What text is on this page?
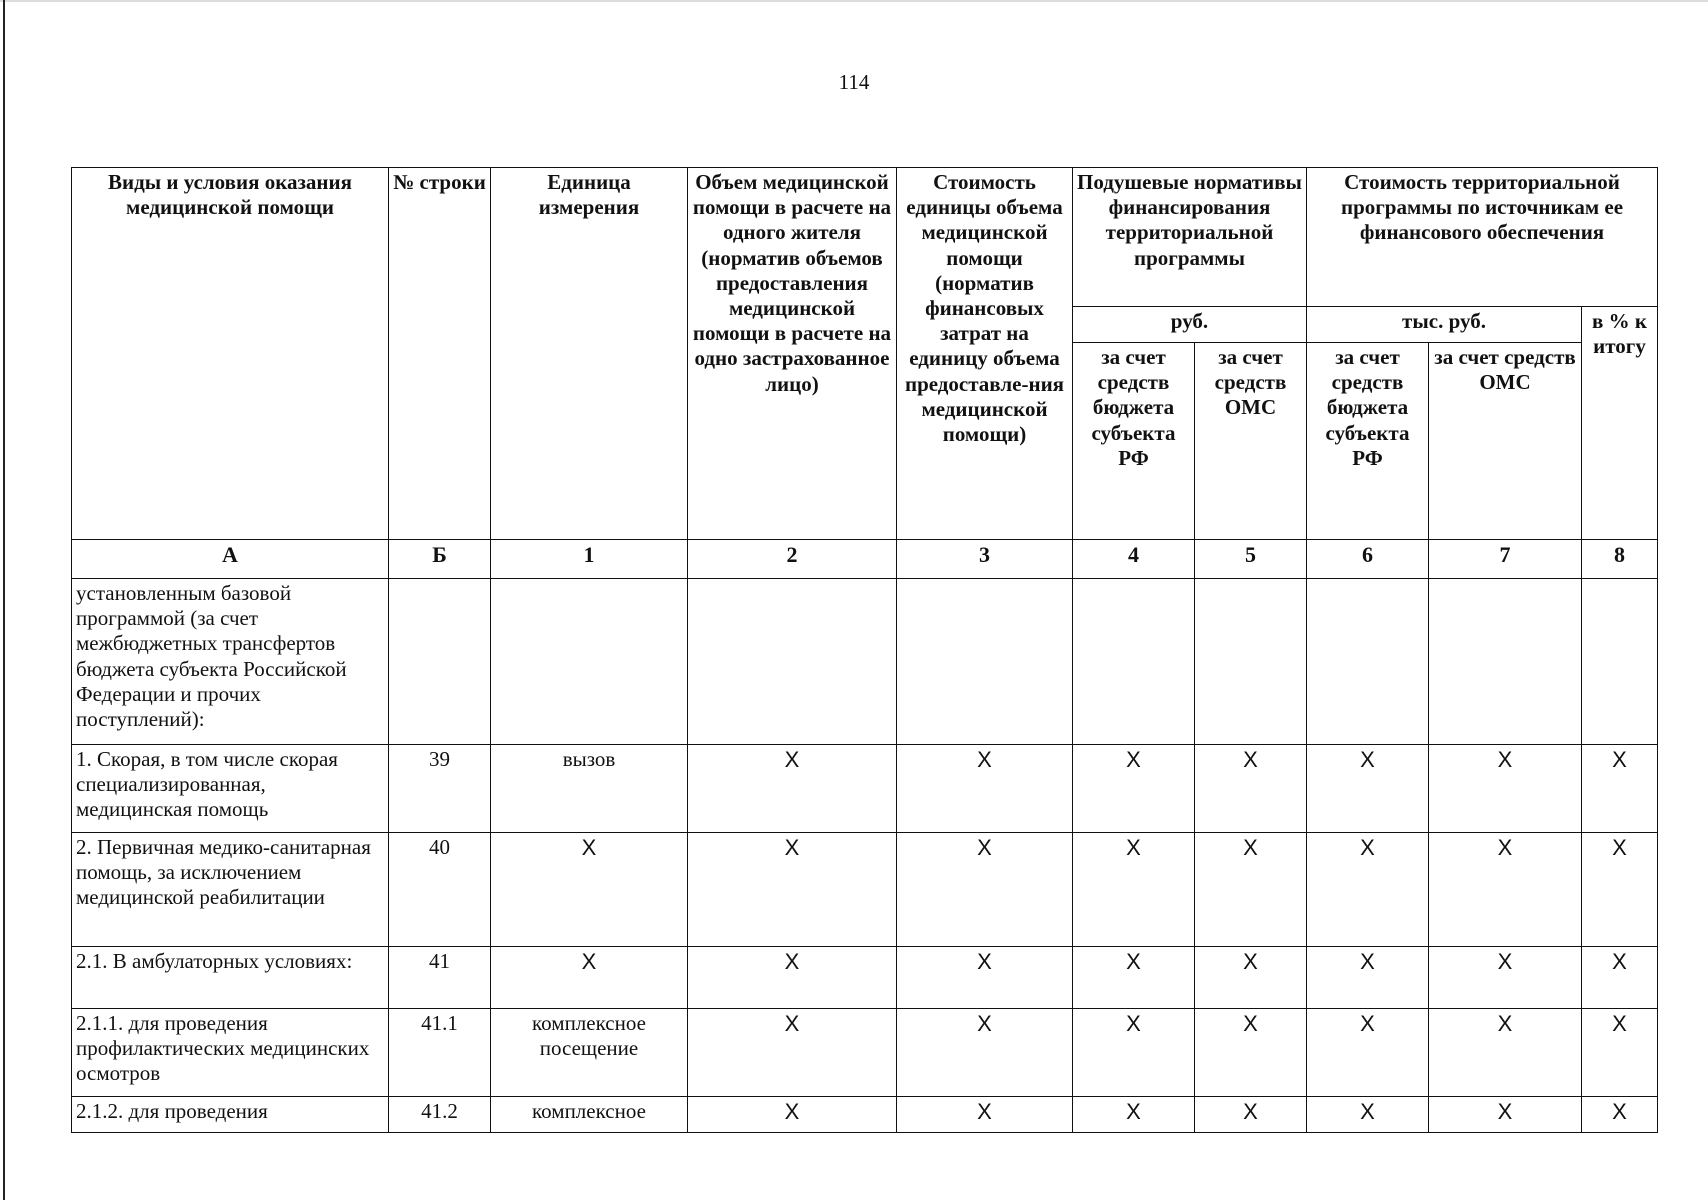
114
Виды и условия оказания медицинской помощи	№ строки	Единица измерения	Объем медицинской помощи в расчете на одного жителя (норматив объемов предоставления медицинской помощи в расчете на одно застрахованное лицо)	Стоимость единицы объема медицинской помощи (норматив финансовых затрат на единицу объема предоставле-ния медицинской помощи)	Подушевые нормативы финансирования территориальной программы		Стоимость территориальной программы по источникам ее финансового обеспечения		
					руб.		тыс. руб.		в % к итогу
					за счет средств бюджета субъекта РФ	за счет средств ОМС	за счет средств бюджета субъекта РФ	за счет средств ОМС	
А	Б	1	2	3	4	5	6	7	8
установленным базовой программой (за счет межбюджетных трансфертов бюджета субъекта Российской Федерации и прочих поступлений):									
1. Скорая, в том числе скорая специализированная, медицинская помощь	39	вызов	Х	Х	Х	Х	Х	Х	Х
2. Первичная медико-санитарная помощь, за исключением медицинской реабилитации	40	Х	Х	Х	Х	Х	Х	Х	Х
2.1. В амбулаторных условиях:	41	Х	Х	Х	Х	Х	Х	Х	Х
2.1.1. для проведения профилактических медицинских осмотров	41.1	комплексное посещение	Х	Х	Х	Х	Х	Х	Х
2.1.2. для проведения	41.2	комплексное	Х	Х	Х	Х	Х	Х	Х
